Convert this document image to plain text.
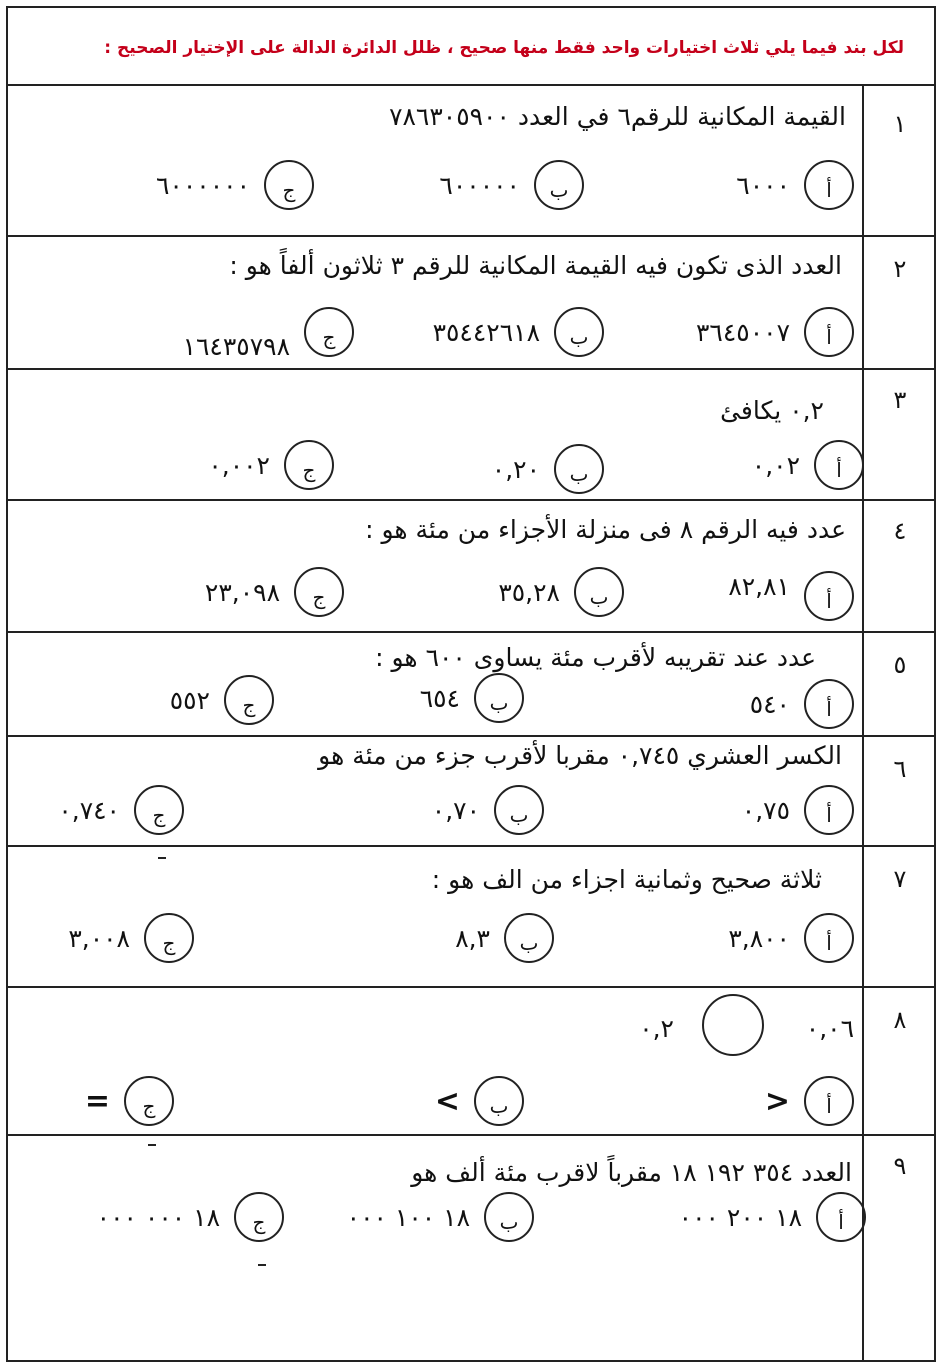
لكل بند فيما يلي ثلاث اختيارات واحد فقط منها صحيح ، ظلل الدائرة الدالة على الإختيار الصحيح :
١
القيمة المكانية للرقم٦ في العدد ٧٨٦٣٠٥٩٠٠
أ
٦٠٠٠
ب
٦٠٠٠٠٠
ج
٦٠٠٠٠٠٠
٢
العدد الذى تكون فيه القيمة المكانية للرقم ٣ ثلاثون ألفاً هو :
أ
٣٦٤٥٠٠٧
ب
٣٥٤٤٢٦١٨
ج
١٦٤٣٥٧٩٨
٣
٠,٢ يكافئ
أ
٠,٠٢
ب
٠,٢٠
ج
٠,٠٠٢
٤
عدد فيه الرقم ٨ فى منزلة الأجزاء من مئة هو :
أ
٨٢,٨١
ب
٣٥,٢٨
ج
٢٣,٠٩٨
٥
عدد عند تقريبه لأقرب مئة يساوى ٦٠٠ هو :
أ
٥٤٠
ب
٦٥٤
ج
٥٥٢
٦
الكسر العشري ٠,٧٤٥ مقربا لأقرب جزء من مئة هو
أ
٠,٧٥
ب
٠,٧٠
ج
٠,٧٤٠
٧
ثلاثة صحيح وثمانية اجزاء من الف هو :
أ
٣,٨٠٠
ب
٨,٣
ج
٣,٠٠٨
٨
٠,٠٦
٠,٢
أ
<
ب
>
ج
=
٩
العدد ٣٥٤ ١٩٢ ١٨ مقرباً لاقرب مئة ألف هو
أ
١٨ ٢٠٠ ٠٠٠
ب
١٨ ١٠٠ ٠٠٠
ج
١٨ ٠٠٠ ٠٠٠
